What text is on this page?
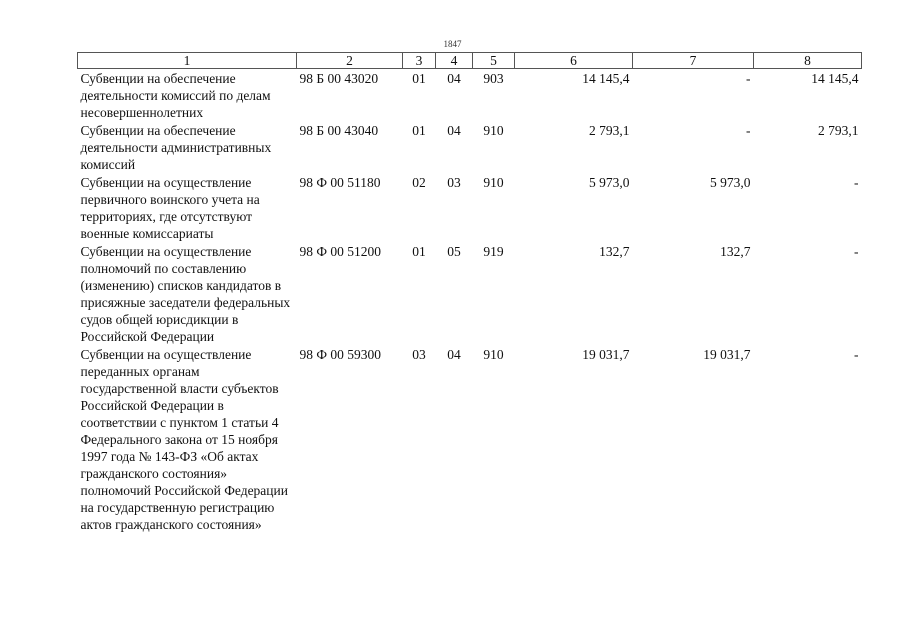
1847
1	2	3	4	5	6	7	8
Субвенции на обеспечение деятельности комиссий по делам несовершеннолетних	98 Б 00 43020	01	04	903	14 145,4	-	14 145,4
Субвенции на обеспечение деятельности административных комиссий	98 Б 00 43040	01	04	910	2 793,1	-	2 793,1
Субвенции на осуществление первичного воинского учета на территориях, где отсутствуют военные комиссариаты	98 Ф 00 51180	02	03	910	5 973,0	5 973,0	-
Субвенции на осуществление полномочий по составлению (изменению) списков кандидатов в присяжные заседатели федеральных судов общей юрисдикции в Российской Федерации	98 Ф 00 51200	01	05	919	132,7	132,7	-
Субвенции на осуществление переданных органам государственной власти субъектов Российской Федерации в соответствии с пунктом 1 статьи 4 Федерального закона от 15 ноября 1997 года № 143-ФЗ «Об актах гражданского состояния» полномочий Российской Федерации на государственную регистрацию актов гражданского состояния»	98 Ф 00 59300	03	04	910	19 031,7	19 031,7	-
